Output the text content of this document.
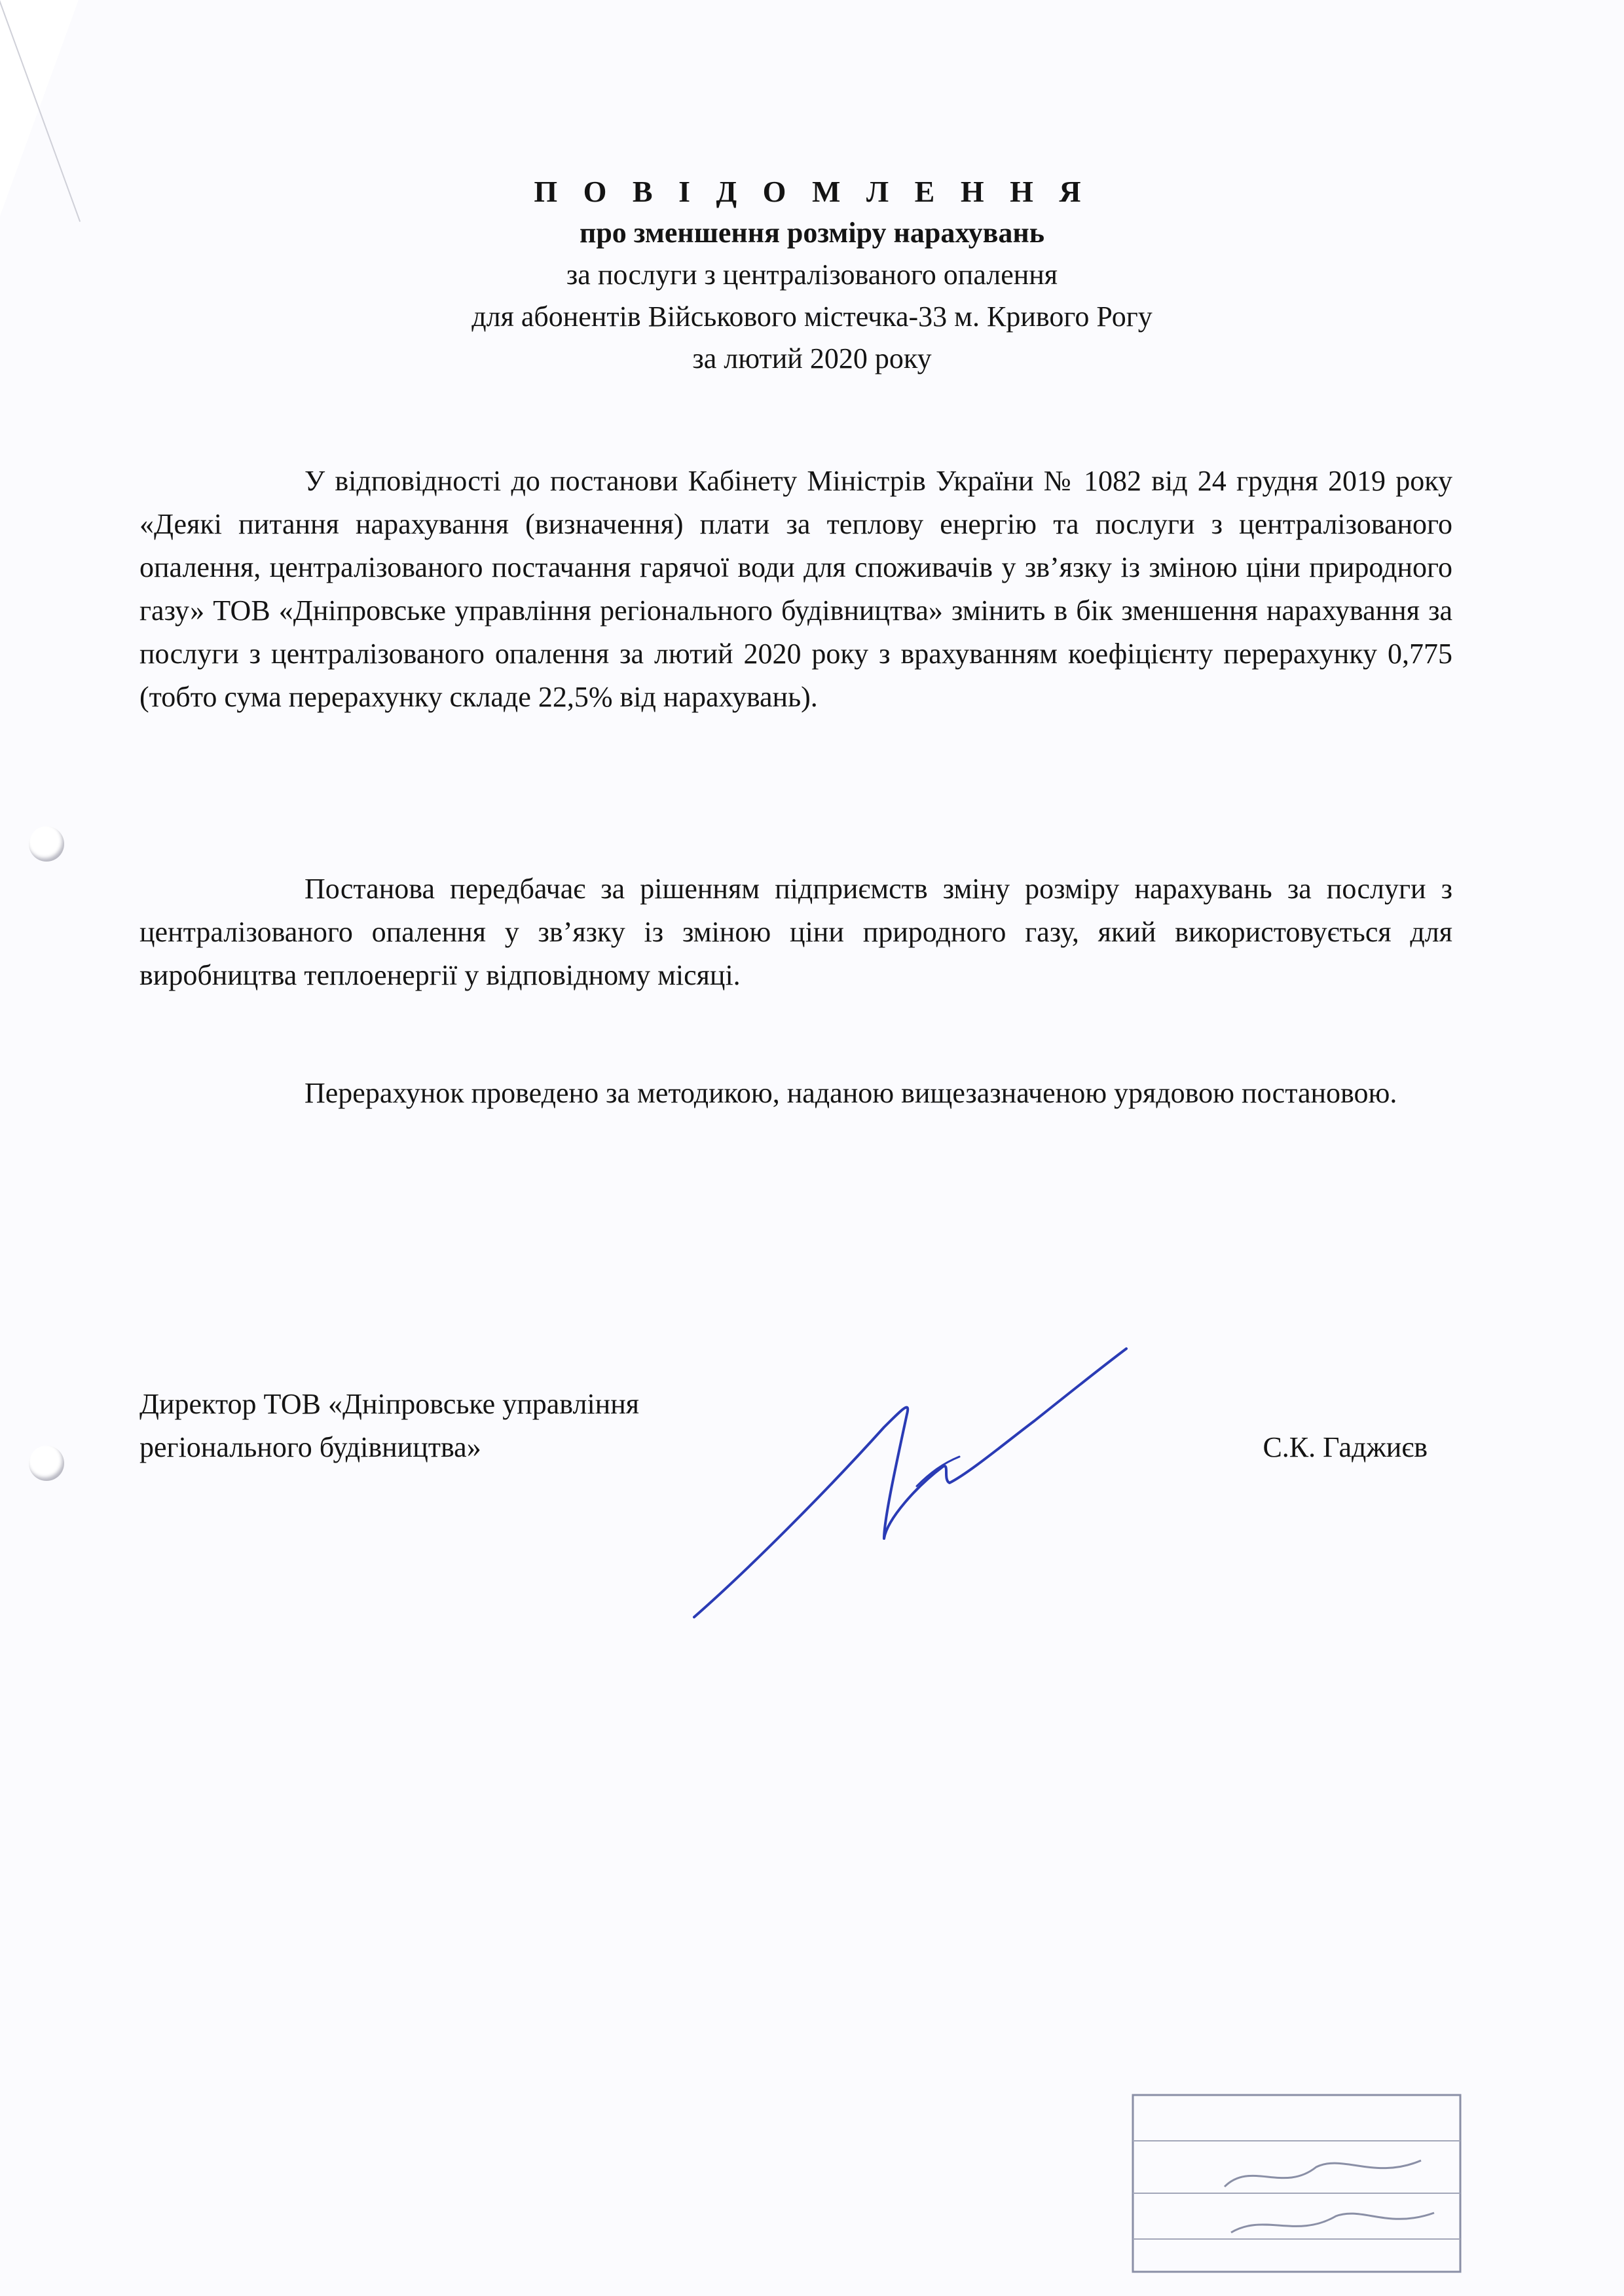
П О В І Д О М Л Е Н Н Я
про зменшення розміру нарахувань
за послуги з централізованого опалення
для абонентів Військового містечка-33 м. Кривого Рогу
за лютий 2020 року

У відповідності до постанови Кабінету Міністрів України № 1082 від 24 грудня 2019 року «Деякі питання нарахування (визначення) плати за теплову енергію та послуги з централізованого опалення, централізованого постачання гарячої води для споживачів у зв’язку із зміною ціни природного газу» ТОВ «Дніпровське управління регіонального будівництва» змінить в бік зменшення нарахування за послуги з централізованого опалення за лютий 2020 року з врахуванням коефіцієнту перерахунку 0,775 (тобто сума перерахунку складе 22,5% від нарахувань).

Постанова передбачає за рішенням підприємств зміну розміру нарахувань за послуги з централізованого опалення у зв’язку із зміною ціни природного газу, який використовується для виробництва теплоенергії у відповідному місяці.

Перерахунок проведено за методикою, наданою вищезазначеною урядовою постановою.

Директор ТОВ «Дніпровське управління
регіонального будівництва»	С.К. Гаджиєв
